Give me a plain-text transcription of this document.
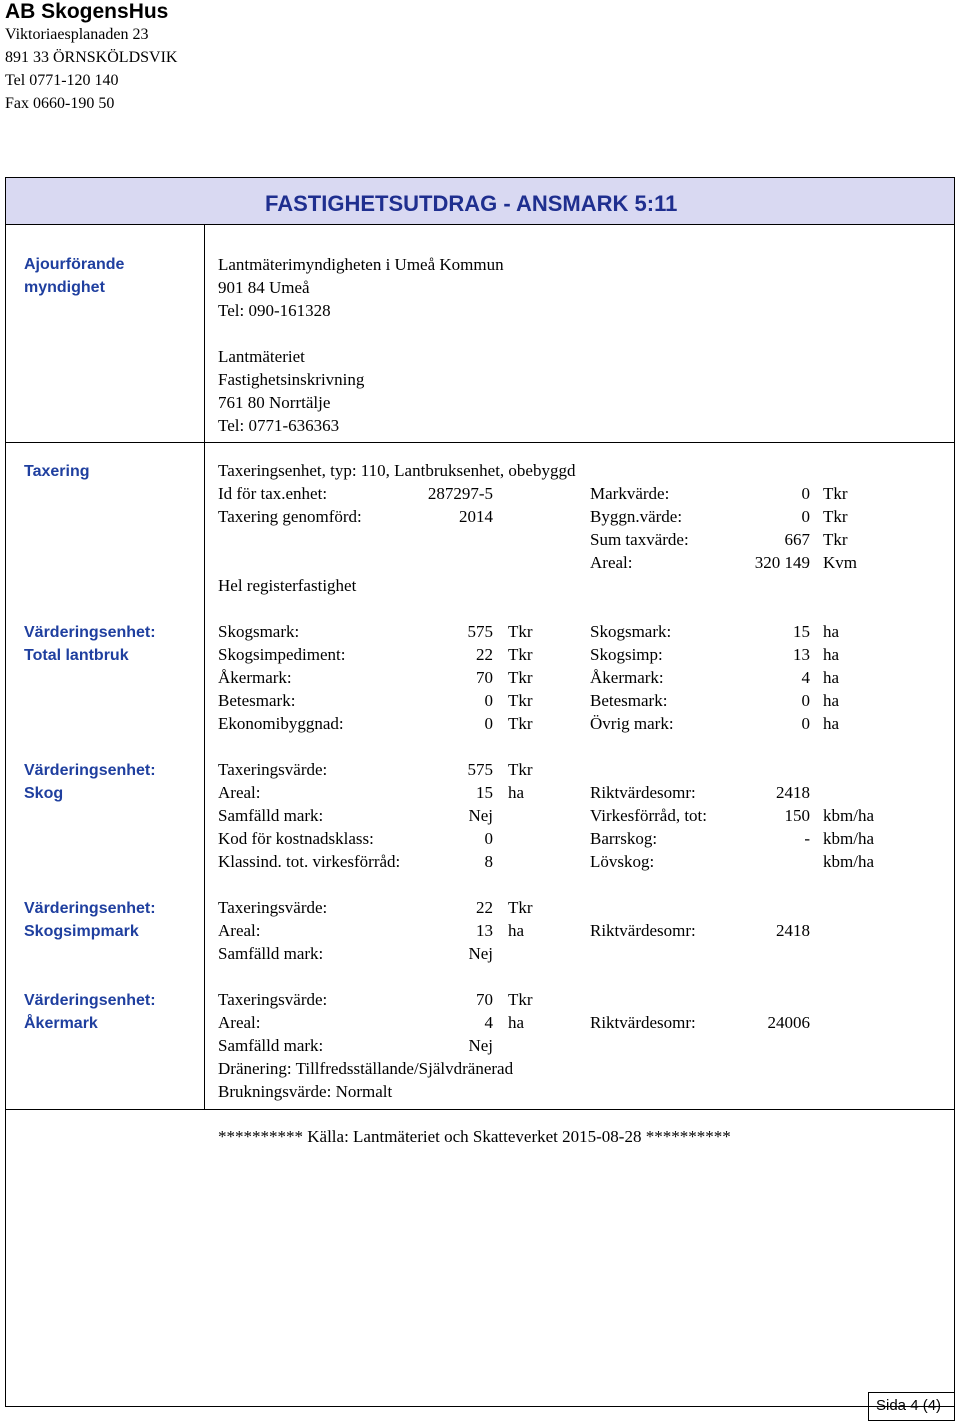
AB SkogensHus
Viktoriaesplanaden 23
891 33 ÖRNSKÖLDSVIK
Tel 0771-120 140
Fax 0660-190 50
FASTIGHETSUTDRAG - ANSMARK 5:11
Ajourförande
myndighet
Lantmäterimyndigheten i Umeå Kommun
901 84 Umeå
Tel: 090-161328
Lantmäteriet
Fastighetsinskrivning
761 80 Norrtälje
Tel: 0771-636363
Taxering	Taxeringsenhet, typ: 110, Lantbruksenhet, obebyggd
Id för tax.enhet:	287297-5
Taxering genomförd:	2014
Markvärde:	0 Tkr
Byggn.värde:	0 Tkr
Sum taxvärde:	667 Tkr
Areal:	320 149 Kvm
Hel registerfastighet
Värderingsenhet:
Total lantbruk
Skogsmark:	575 Tkr
Skogsimpediment:	22 Tkr
Åkermark:	70 Tkr
Betesmark:	0 Tkr
Ekonomibyggnad:	0 Tkr
Skogsmark:	15 ha
Skogsimp:	13 ha
Åkermark:	4 ha
Betesmark:	0 ha
Övrig mark:	0 ha
Värderingsenhet:
Skog
Taxeringsvärde:	575 Tkr
Areal:	15 ha
Samfälld mark:	Nej
Kod för kostnadsklass:	0
Klassind. tot. virkesförråd:	8
Riktvärdesomr:	2418
Virkesförråd, tot:	150 kbm/ha
Barrskog:	- kbm/ha
Lövskog:	kbm/ha
Värderingsenhet:
Skogsimpmark
Taxeringsvärde:	22 Tkr
Areal:	13 ha
Samfälld mark:	Nej
Riktvärdesomr:	2418
Värderingsenhet:
Åkermark
Taxeringsvärde:	70 Tkr
Areal:	4 ha
Samfälld mark:	Nej
Dränering: Tillfredsställande/Självdränerad
Brukningsvärde: Normalt
Riktvärdesomr:	24006
********** Källa: Lantmäteriet och Skatteverket 2015-08-28 **********
Sida 4 (4)
